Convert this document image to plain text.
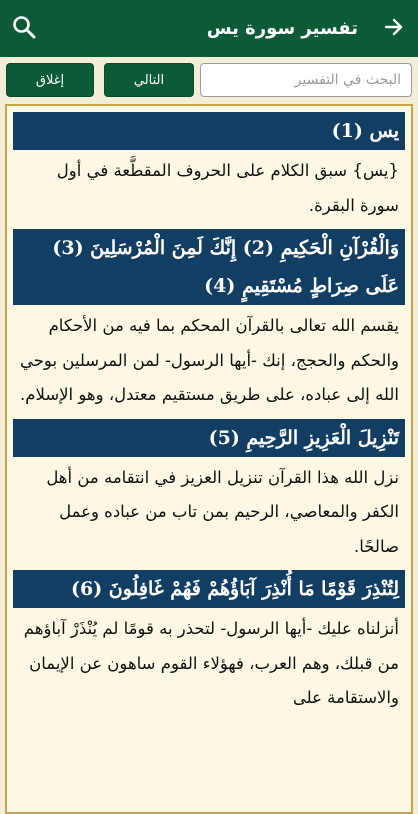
تفسير سورة يس
إغلاق	التالي
البحث في التفسير
يس (1)
{يس} سبق الكلام على الحروف المقطَّعة في أول سورة البقرة.
وَالْقُرْآنِ الْحَكِيمِ (2) إِنَّكَ لَمِنَ الْمُرْسَلِينَ (3) عَلَى صِرَاطٍ مُسْتَقِيمٍ (4)
يقسم الله تعالى بالقرآن المحكم بما فيه من الأحكام والحكم والحجج، إنك -أيها الرسول- لمن المرسلين بوحي الله إلى عباده، على طريق مستقيم معتدل، وهو الإسلام.
تَنْزِيلَ الْعَزِيزِ الرَّحِيمِ (5)
نزل الله هذا القرآن تنزيل العزيز في انتقامه من أهل الكفر والمعاصي، الرحيم بمن تاب من عباده وعمل صالحًا.
لِتُنْذِرَ قَوْمًا مَا أُنْذِرَ آبَاؤُهُمْ فَهُمْ غَافِلُونَ (6)
أنزلناه عليك -أيها الرسول- لتحذر به قومًا لم يُنْذَرْ آباؤهم من قبلك، وهم العرب، فهؤلاء القوم ساهون عن الإيمان والاستقامة على
